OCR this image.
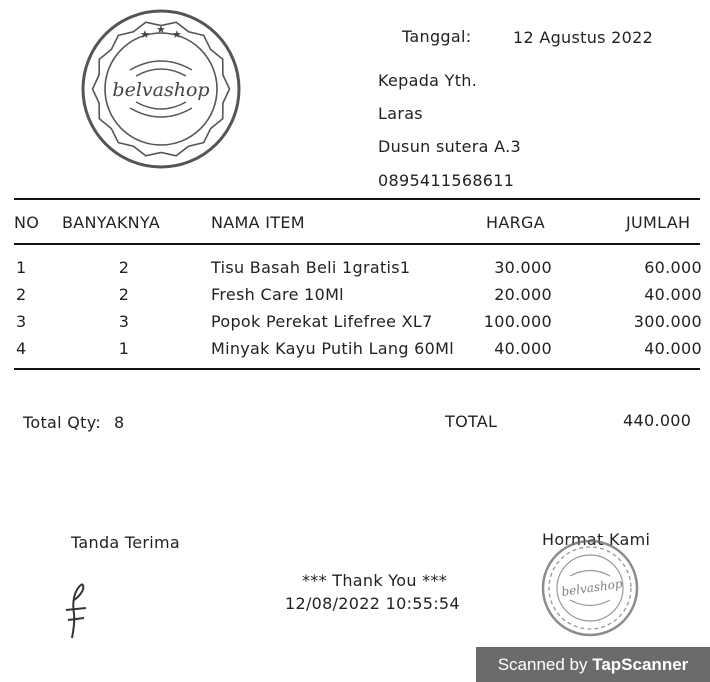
★ ★ ★
belvashop
Tanggal:	12 Agustus 2022
Kepada Yth.
Laras
Dusun sutera A.3
0895411568611
NO BANYAKNYA	NAMA ITEM	HARGA	JUMLAH
1	2	Tisu Basah Beli 1gratis1	30.000	60.000
2	2	Fresh Care 10Ml	20.000	40.000
3	3	Popok Perekat Lifefree XL7	100.000	300.000
4	1	Minyak Kayu Putih Lang 60Ml	40.000	40.000
Total Qty: 8	TOTAL	440.000
Tanda Terima	Hormat Kami
*** Thank You ***
12/08/2022 10:55:54
belvashop
Scanned by TapScanner
